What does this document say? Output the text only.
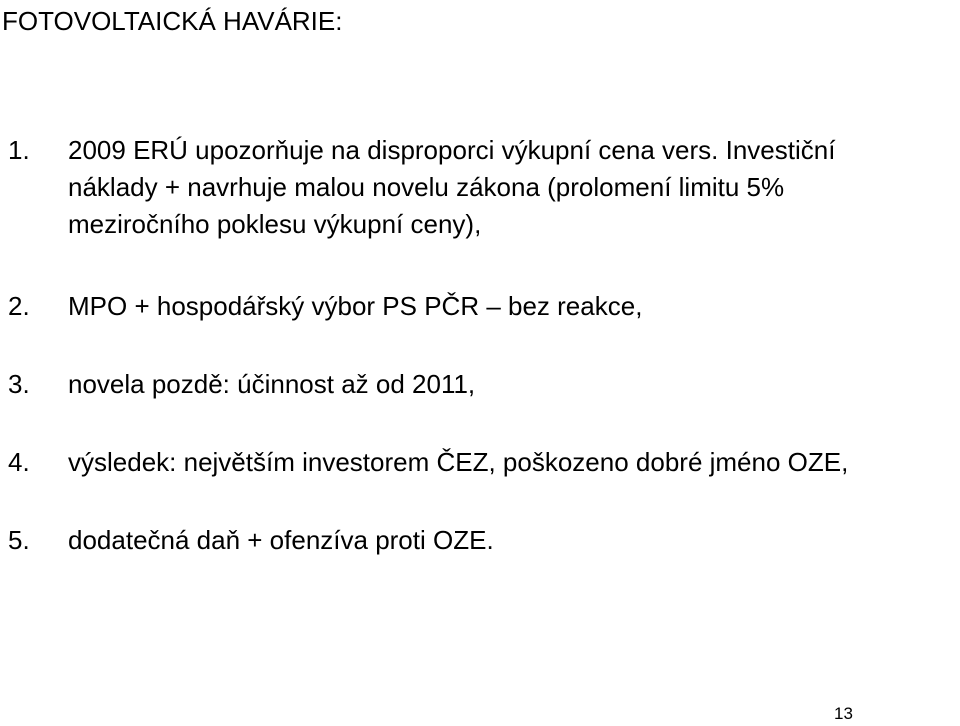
FOTOVOLTAICKÁ HAVÁRIE:
1. 2009 ERÚ upozorňuje na disproporci výkupní cena vers. Investiční
náklady + navrhuje malou novelu zákona (prolomení limitu 5%
meziročního poklesu výkupní ceny),
2. MPO + hospodářský výbor PS PČR – bez reakce,
3. novela pozdě: účinnost až od 2011,
4. výsledek: největším investorem ČEZ, poškozeno dobré jméno OZE,
5. dodatečná daň + ofenzíva proti OZE.
13
